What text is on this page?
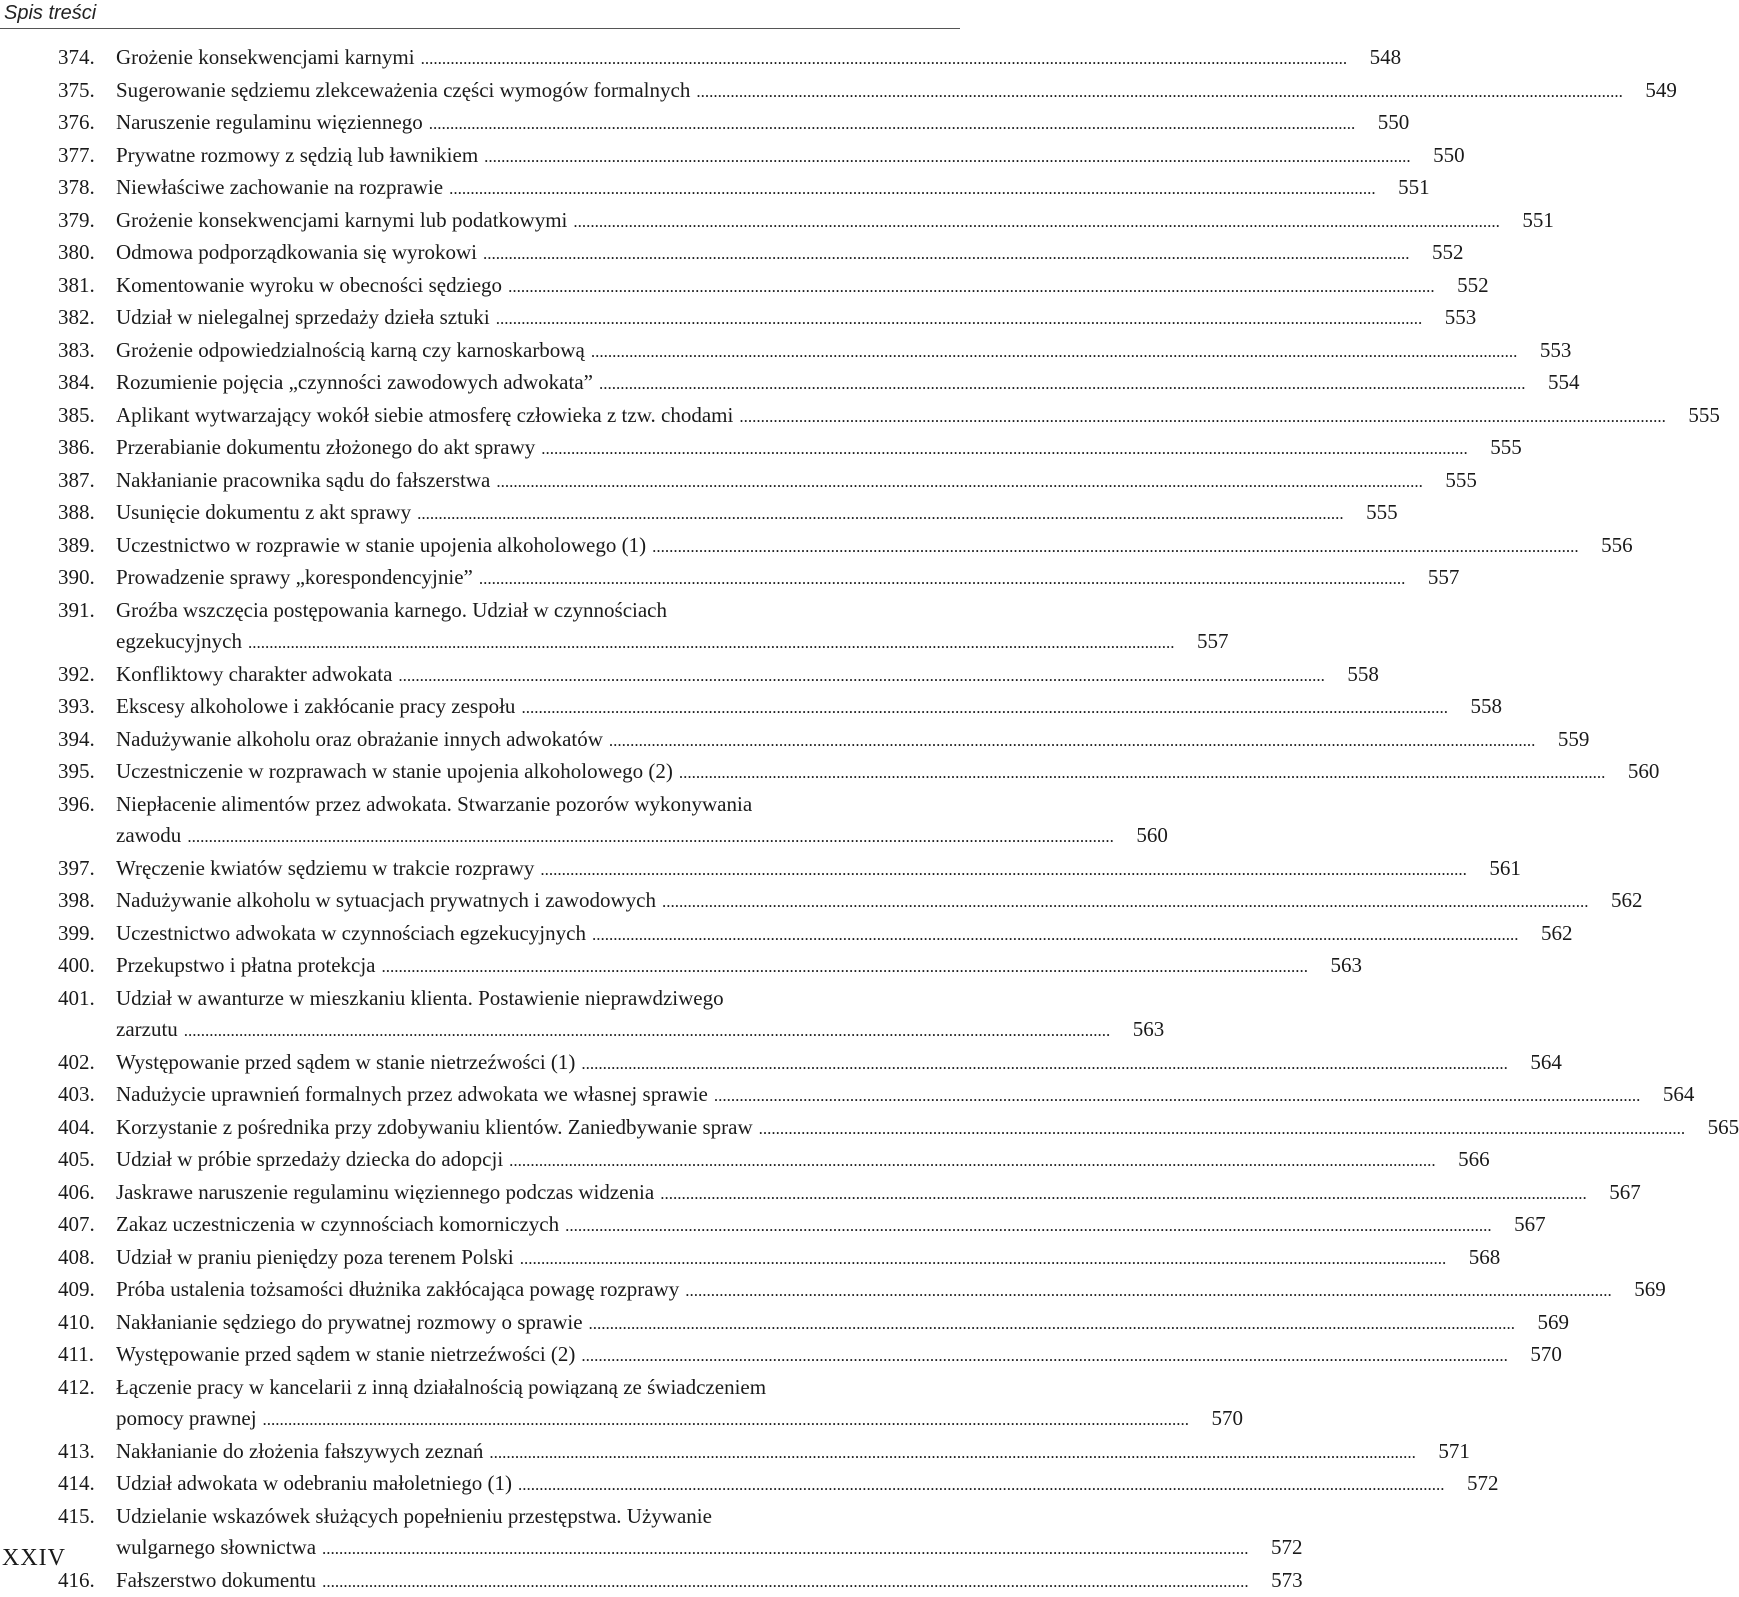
Spis treści
374.	Grożenie konsekwencjami karnymi ..........................................................................................................................................................................................................................	548
375.	Sugerowanie sędziemu zlekceważenia części wymogów formalnych ..........................................................................................................................................................................................................................	549
376.	Naruszenie regulaminu więziennego ..........................................................................................................................................................................................................................	550
377.	Prywatne rozmowy z sędzią lub ławnikiem ..........................................................................................................................................................................................................................	550
378.	Niewłaściwe zachowanie na rozprawie ..........................................................................................................................................................................................................................	551
379.	Grożenie konsekwencjami karnymi lub podatkowymi ..........................................................................................................................................................................................................................	551
380.	Odmowa podporządkowania się wyrokowi ..........................................................................................................................................................................................................................	552
381.	Komentowanie wyroku w obecności sędziego ..........................................................................................................................................................................................................................	552
382.	Udział w nielegalnej sprzedaży dzieła sztuki ..........................................................................................................................................................................................................................	553
383.	Grożenie odpowiedzialnością karną czy karnoskarbową ..........................................................................................................................................................................................................................	553
384.	Rozumienie pojęcia „czynności zawodowych adwokata” ..........................................................................................................................................................................................................................	554
385.	Aplikant wytwarzający wokół siebie atmosferę człowieka z tzw. chodami ..........................................................................................................................................................................................................................	555
386.	Przerabianie dokumentu złożonego do akt sprawy ..........................................................................................................................................................................................................................	555
387.	Nakłanianie pracownika sądu do fałszerstwa ..........................................................................................................................................................................................................................	555
388.	Usunięcie dokumentu z akt sprawy ..........................................................................................................................................................................................................................	555
389.	Uczestnictwo w rozprawie w stanie upojenia alkoholowego (1) ..........................................................................................................................................................................................................................	556
390.	Prowadzenie sprawy „korespondencyjnie” ..........................................................................................................................................................................................................................	557
391.	Groźba wszczęcia postępowania karnego. Udział w czynnościach
egzekucyjnych ..........................................................................................................................................................................................................................	557
392.	Konfliktowy charakter adwokata ..........................................................................................................................................................................................................................	558
393.	Ekscesy alkoholowe i zakłócanie pracy zespołu ..........................................................................................................................................................................................................................	558
394.	Nadużywanie alkoholu oraz obrażanie innych adwokatów ..........................................................................................................................................................................................................................	559
395.	Uczestniczenie w rozprawach w stanie upojenia alkoholowego (2) ..........................................................................................................................................................................................................................	560
396.	Niepłacenie alimentów przez adwokata. Stwarzanie pozorów wykonywania
zawodu ..........................................................................................................................................................................................................................	560
397.	Wręczenie kwiatów sędziemu w trakcie rozprawy ..........................................................................................................................................................................................................................	561
398.	Nadużywanie alkoholu w sytuacjach prywatnych i zawodowych ..........................................................................................................................................................................................................................	562
399.	Uczestnictwo adwokata w czynnościach egzekucyjnych ..........................................................................................................................................................................................................................	562
400.	Przekupstwo i płatna protekcja ..........................................................................................................................................................................................................................	563
401.	Udział w awanturze w mieszkaniu klienta. Postawienie nieprawdziwego
zarzutu ..........................................................................................................................................................................................................................	563
402.	Występowanie przed sądem w stanie nietrzeźwości (1) ..........................................................................................................................................................................................................................	564
403.	Nadużycie uprawnień formalnych przez adwokata we własnej sprawie ..........................................................................................................................................................................................................................	564
404.	Korzystanie z pośrednika przy zdobywaniu klientów. Zaniedbywanie spraw ..........................................................................................................................................................................................................................	565
405.	Udział w próbie sprzedaży dziecka do adopcji ..........................................................................................................................................................................................................................	566
406.	Jaskrawe naruszenie regulaminu więziennego podczas widzenia ..........................................................................................................................................................................................................................	567
407.	Zakaz uczestniczenia w czynnościach komorniczych ..........................................................................................................................................................................................................................	567
408.	Udział w praniu pieniędzy poza terenem Polski ..........................................................................................................................................................................................................................	568
409.	Próba ustalenia tożsamości dłużnika zakłócająca powagę rozprawy ..........................................................................................................................................................................................................................	569
410.	Nakłanianie sędziego do prywatnej rozmowy o sprawie ..........................................................................................................................................................................................................................	569
411.	Występowanie przed sądem w stanie nietrzeźwości (2) ..........................................................................................................................................................................................................................	570
412.	Łączenie pracy w kancelarii z inną działalnością powiązaną ze świadczeniem
pomocy prawnej ..........................................................................................................................................................................................................................	570
413.	Nakłanianie do złożenia fałszywych zeznań ..........................................................................................................................................................................................................................	571
414.	Udział adwokata w odebraniu małoletniego (1) ..........................................................................................................................................................................................................................	572
415.	Udzielanie wskazówek służących popełnieniu przestępstwa. Używanie
wulgarnego słownictwa ..........................................................................................................................................................................................................................	572
416.	Fałszerstwo dokumentu ..........................................................................................................................................................................................................................	573
XXIV
